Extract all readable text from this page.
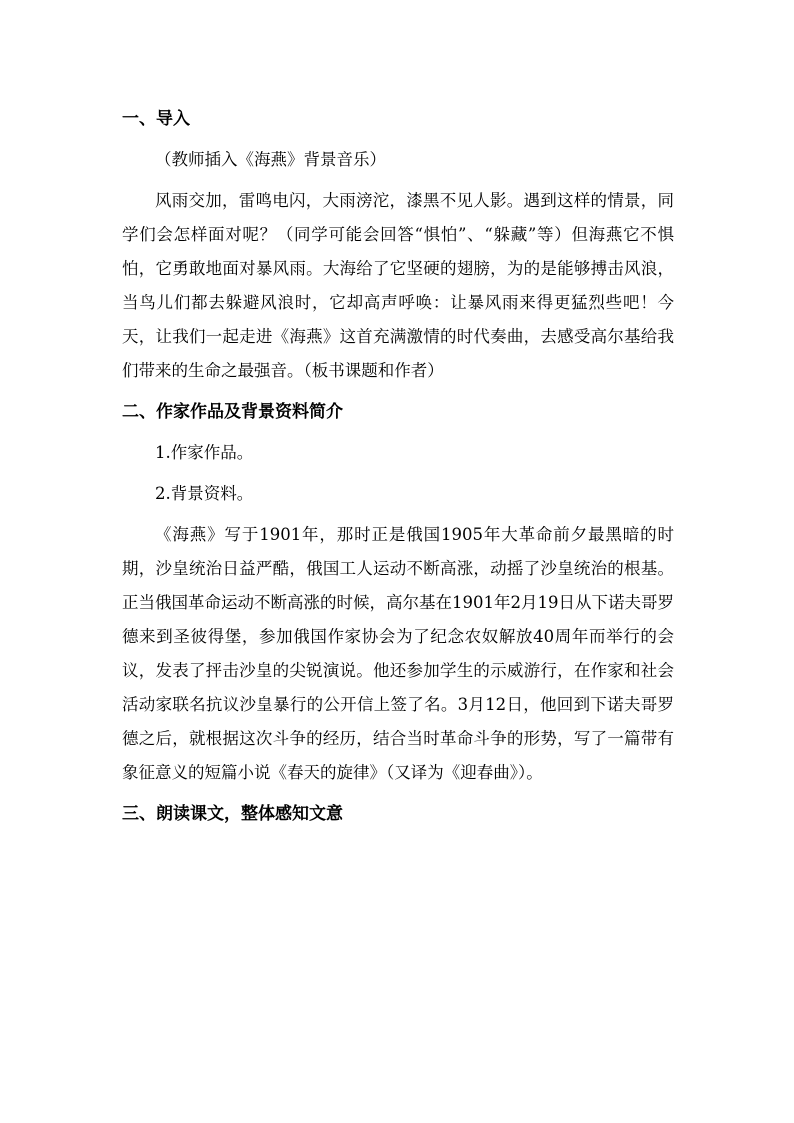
一、导入
（教师插入《海燕》背景音乐）
风雨交加，雷鸣电闪，大雨滂沱，漆黑不见人影。遇到这样的情景，同学们会怎样面对呢？（同学可能会回答“惧怕”、“躲藏”等）但海燕它不惧怕，它勇敢地面对暴风雨。大海给了它坚硬的翅膀，为的是能够搏击风浪，当鸟儿们都去躲避风浪时，它却高声呼唤：让暴风雨来得更猛烈些吧！今天，让我们一起走进《海燕》这首充满激情的时代奏曲，去感受高尔基给我们带来的生命之最强音。（板书课题和作者）
二、作家作品及背景资料简介
1.作家作品。
2.背景资料。
《海燕》写于1901年，那时正是俄国1905年大革命前夕最黑暗的时期，沙皇统治日益严酷，俄国工人运动不断高涨，动摇了沙皇统治的根基。正当俄国革命运动不断高涨的时候，高尔基在1901年2月19日从下诺夫哥罗德来到圣彼得堡，参加俄国作家协会为了纪念农奴解放40周年而举行的会议，发表了抨击沙皇的尖锐演说。他还参加学生的示威游行，在作家和社会活动家联名抗议沙皇暴行的公开信上签了名。3月12日，他回到下诺夫哥罗德之后，就根据这次斗争的经历，结合当时革命斗争的形势，写了一篇带有象征意义的短篇小说《春天的旋律》（又译为《迎春曲》）。
三、朗读课文，整体感知文意
